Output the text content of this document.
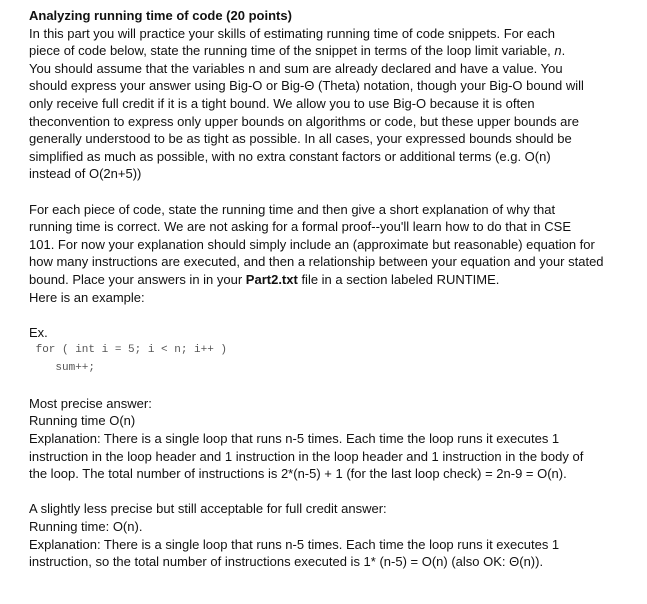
Analyzing running time of code (20 points)
In this part you will practice your skills of estimating running time of code snippets. For each
piece of code below, state the running time of the snippet in terms of the loop limit variable, n.
You should assume that the variables n and sum are already declared and have a value. You
should express your answer using Big-O or Big-Θ (Theta) notation, though your Big-O bound will
only receive full credit if it is a tight bound. We allow you to use Big-O because it is often
theconvention to express only upper bounds on algorithms or code, but these upper bounds are
generally understood to be as tight as possible. In all cases, your expressed bounds should be
simplified as much as possible, with no extra constant factors or additional terms (e.g. O(n)
instead of O(2n+5))
For each piece of code, state the running time and then give a short explanation of why that
running time is correct. We are not asking for a formal proof--you'll learn how to do that in CSE
101. For now your explanation should simply include an (approximate but reasonable) equation for
how many instructions are executed, and then a relationship between your equation and your stated
bound. Place your answers in in your Part2.txt file in a section labeled RUNTIME.
Here is an example:
Ex.
for ( int i = 5; i < n; i++ )
sum++;
Most precise answer:
Running time O(n)
Explanation: There is a single loop that runs n-5 times. Each time the loop runs it executes 1
instruction in the loop header and 1 instruction in the loop header and 1 instruction in the body of
the loop. The total number of instructions is 2*(n-5) + 1 (for the last loop check) = 2n-9 = O(n).
A slightly less precise but still acceptable for full credit answer:
Running time: O(n).
Explanation: There is a single loop that runs n-5 times. Each time the loop runs it executes 1
instruction, so the total number of instructions executed is 1* (n-5) = O(n) (also OK: Θ(n)).
